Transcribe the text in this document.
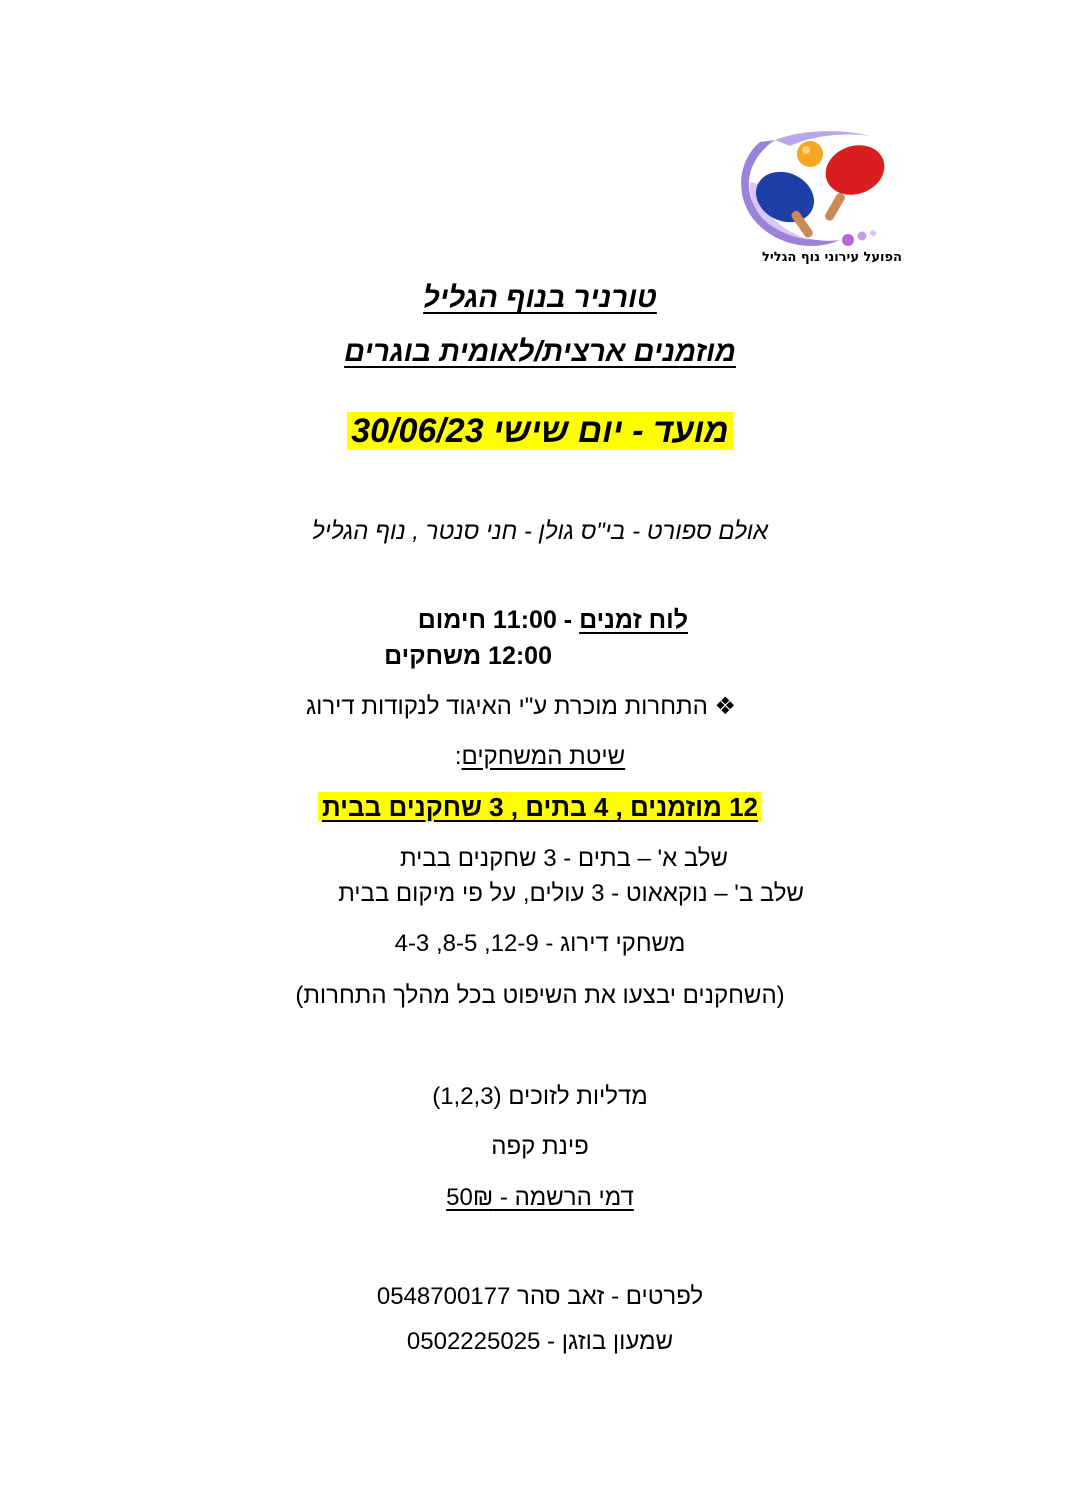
הפועל עירוני נוף הגליל
טורניר בנוף הגליל
מוזמנים ארצית/לאומית בוגרים
מועד - יום שישי 30/06/23
אולם ספורט - בי"ס גולן - חני סנטר , נוף הגליל
לוח זמנים - 11:00 חימום
12:00 משחקים
❖ התחרות מוכרת ע"י האיגוד לנקודות דירוג
שיטת המשחקים:
12 מוזמנים , 4 בתים , 3 שחקנים בבית
שלב א' – בתים - 3 שחקנים בבית
שלב ב' – נוקאאוט - 3 עולים, על פי מיקום בבית
משחקי דירוג - 12-9, 8-5, 4-3
(השחקנים יבצעו את השיפוט בכל מהלך התחרות)
מדליות לזוכים (1,2,3)
פינת קפה
דמי הרשמה - 50₪
לפרטים - זאב סהר 0548700177
שמעון בוזגן - 0502225025
